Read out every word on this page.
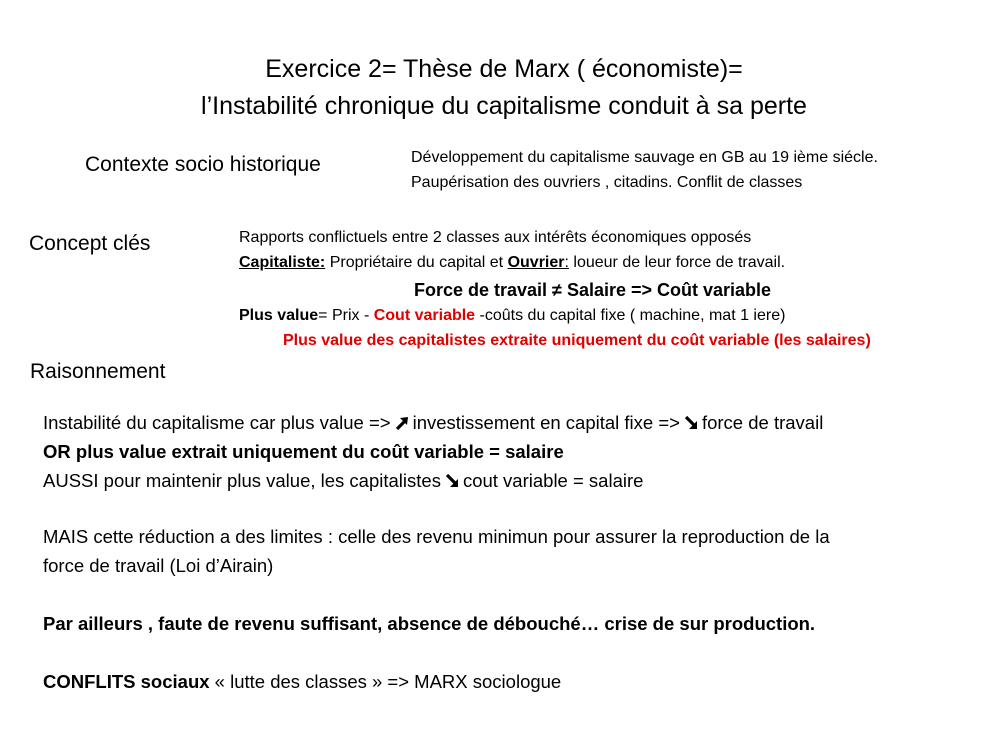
Exercice 2= Thèse de Marx ( économiste)=
l’Instabilité chronique du capitalisme conduit à sa perte
Contexte socio historique	Développement du capitalisme sauvage en GB au 19 ième siécle.
Paupérisation des ouvriers , citadins. Conflit de classes
Concept clés	Rapports conflictuels entre 2 classes aux intérêts économiques opposés
Capitaliste: Propriétaire du capital et Ouvrier: loueur de leur force de travail.
Force de travail ≠ Salaire => Coût variable
Plus value= Prix - Cout variable -coûts du capital fixe ( machine, mat 1 iere)
Plus value des capitalistes extraite uniquement du coût variable (les salaires)
Raisonnement
Instabilité du capitalisme car plus value => investissement en capital fixe => force de travail
OR plus value extrait uniquement du coût variable = salaire
AUSSI pour maintenir plus value, les capitalistes cout variable = salaire
MAIS cette réduction a des limites : celle des revenu minimun pour assurer la reproduction de la
force de travail (Loi d’Airain)
Par ailleurs , faute de revenu suffisant, absence de débouché… crise de sur production.
CONFLITS sociaux « lutte des classes » => MARX sociologue
